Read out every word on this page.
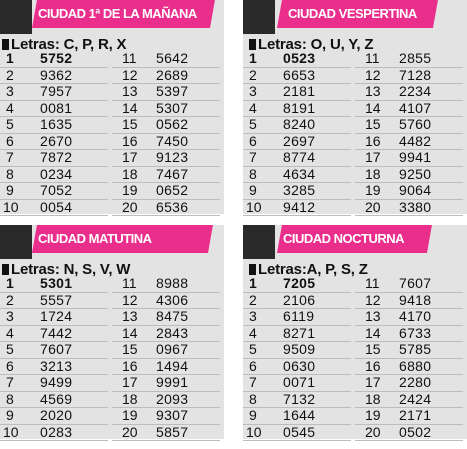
CIUDAD 1ª DE LA MAÑANA
Letras: C, P, R, X
1 5752
2 9362
3 7957
4 0081
5 1635
6 2670
7 7872
8 0234
9 7052
10 0054
11 5642
12 2689
13 5397
14 5307
15 0562
16 7450
17 9123
18 7467
19 0652
20 6536
CIUDAD VESPERTINA
Letras: O, U, Y, Z
1 0523
2 6653
3 2181
4 8191
5 8240
6 2697
7 8774
8 4634
9 3285
10 9412
11 2855
12 7128
13 2234
14 4107
15 5760
16 4482
17 9941
18 9250
19 9064
20 3380
CIUDAD MATUTINA
Letras: N, S, V, W
1 5301
2 5557
3 1724
4 7442
5 7607
6 3213
7 9499
8 4569
9 2020
10 0283
11 8988
12 4306
13 8475
14 2843
15 0967
16 1494
17 9991
18 2093
19 9307
20 5857
CIUDAD NOCTURNA
Letras:A, P, S, Z
1 7205
2 2106
3 6119
4 8271
5 9509
6 0630
7 0071
8 7132
9 1644
10 0545
11 7607
12 9418
13 4170
14 6733
15 5785
16 6880
17 2280
18 2424
19 2171
20 0502
